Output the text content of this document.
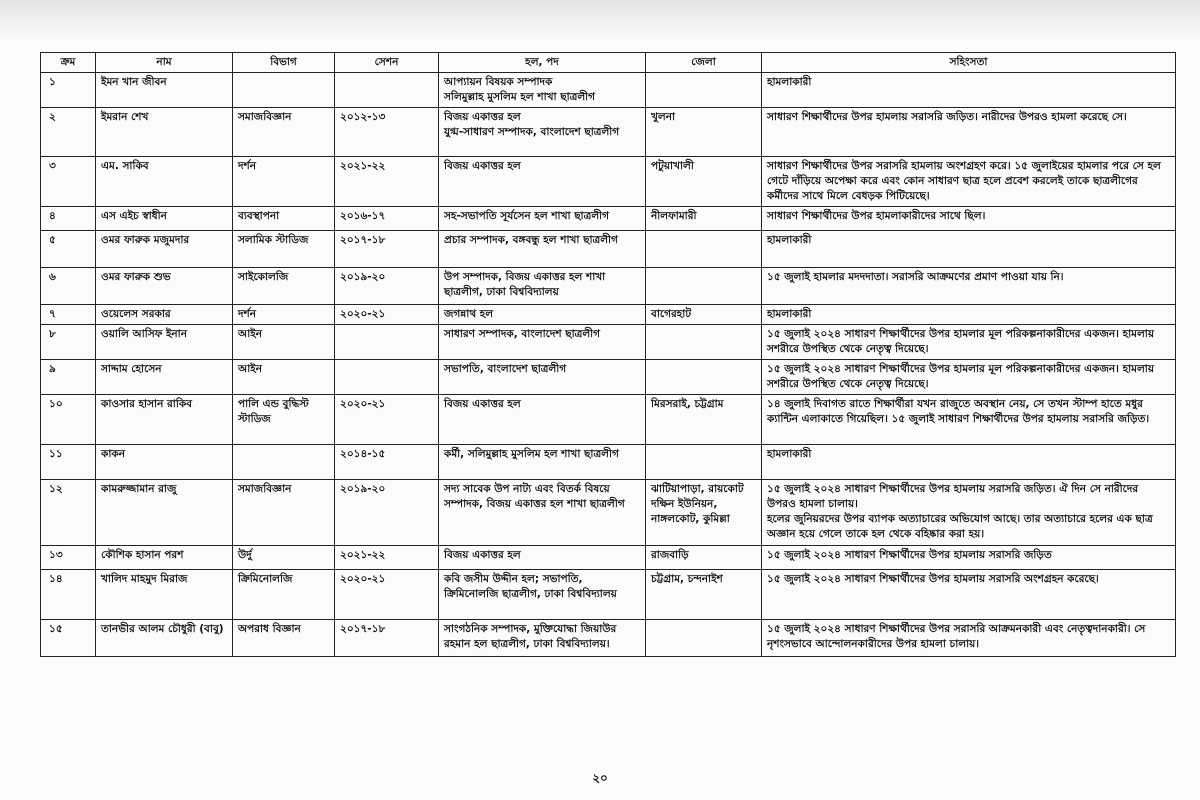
ক্রম	নাম	বিভাগ	সেশন	হল, পদ	জেলা	সহিংসতা
১	ইমন খান জীবন			আপ্যায়ন বিষয়ক সম্পাদক
সলিমুল্লাহ মুসলিম হল শাখা ছাত্রলীগ		হামলাকারী
২	ইমরান শেখ	সমাজবিজ্ঞান	২০১২-১৩	বিজয় একাত্তর হল
যুগ্ম-সাধারণ সম্পাদক, বাংলাদেশ ছাত্রলীগ	খুলনা	সাধারণ শিক্ষার্থীদের উপর হামলায় সরাসরি জড়িত। নারীদের উপরও হামলা করেছে সে।
৩	এম. সাকিব	দর্শন	২০২১-২২	বিজয় একাত্তর হল	পটুয়াখালী	সাধারণ শিক্ষার্থীদের উপর সরাসরি হামলায় অংশগ্রহণ করে। ১৫ জুলাইয়ের হামলার পরে সে হল গেটে দাঁড়িয়ে অপেক্ষা করে এবং কোন সাধারণ ছাত্র হলে প্রবেশ করলেই তাকে ছাত্রলীগের কর্মীদের সাথে মিলে বেধড়ক পিটিয়েছে।
৪	এস এইচ স্বাধীন	ব্যবস্থাপনা	২০১৬-১৭	সহ-সভাপতি সূর্যসেন হল শাখা ছাত্রলীগ	নীলফামারী	সাধারণ শিক্ষার্থীদের উপর হামলাকারীদের সাথে ছিল।
৫	ওমর ফারুক মজুমদার	সলামিক স্টাডিজ	২০১৭-১৮	প্রচার সম্পাদক, বঙ্গবন্ধু হল শাখা ছাত্রলীগ		হামলাকারী
৬	ওমর ফারুক শুভ	সাইকোলজি	২০১৯-২০	উপ সম্পাদক, বিজয় একাত্তর হল শাখা ছাত্রলীগ, ঢাকা বিশ্ববিদ্যালয়		১৫ জুলাই হামলার মদদদাতা। সরাসরি আক্রমণের প্রমাণ পাওয়া যায় নি।
৭	ওয়েলেস সরকার	দর্শন	২০২০-২১	জগন্নাথ হল	বাগেরহাট	হামলাকারী
৮	ওয়ালি আসিফ ইনান	আইন		সাধারণ সম্পাদক, বাংলাদেশ ছাত্রলীগ		১৫ জুলাই ২০২৪ সাধারণ শিক্ষার্থীদের উপর হামলার মূল পরিকল্পনাকারীদের একজন। হামলায় সশরীরে উপস্থিত থেকে নেতৃত্ব দিয়েছে।
৯	সাদ্দাম হোসেন	আইন		সভাপতি, বাংলাদেশ ছাত্রলীগ		১৫ জুলাই ২০২৪ সাধারণ শিক্ষার্থীদের উপর হামলার মূল পরিকল্পনাকারীদের একজন। হামলায় সশরীরে উপস্থিত থেকে নেতৃত্ব দিয়েছে।
১০	কাওসার হাসান রাকিব	পালি এন্ড বুদ্ধিস্ট স্টাডিজ	২০২০-২১	বিজয় একাত্তর হল	মিরসরাই, চট্টগ্রাম	১৪ জুলাই দিবাগত রাতে শিক্ষার্থীরা যখন রাজুতে অবস্থান নেয়, সে তখন স্টাম্প হাতে মধুর ক্যান্টিন এলাকাতে গিয়েছিল। ১৫ জুলাই সাধারণ শিক্ষার্থীদের উপর হামলায় সরাসরি জড়িত।
১১	কাকন		২০১৪-১৫	কর্মী, সলিমুল্লাহ মুসলিম হল শাখা ছাত্রলীগ		হামলাকারী
১২	কামরুজ্জামান রাজু	সমাজবিজ্ঞান	২০১৯-২০	সদ্য সাবেক উপ নাট্য এবং বিতর্ক বিষয়ে সম্পাদক, বিজয় একাত্তর হল শাখা ছাত্রলীগ	ঝাটিয়াপাড়া, রায়কোট দক্ষিন ইউনিয়ন, নাঙ্গলকোট, কুমিল্লা	১৫ জুলাই ২০২৪ সাধারণ শিক্ষার্থীদের উপর হামলায় সরাসরি জড়িত। ঐ দিন সে নারীদের উপরও হামলা চালায়।
হলের জুনিয়রদের উপর ব্যাপক অত্যাচারের অভিযোগ আছে। তার অত্যাচারে হলের এক ছাত্র অজ্ঞান হয়ে গেলে তাকে হল থেকে বহিষ্কার করা হয়।
১৩	কৌশিক হাসান পরশ	উর্দু	২০২১-২২	বিজয় একাত্তর হল	রাজবাড়ি	১৫ জুলাই ২০২৪ সাধারণ শিক্ষার্থীদের উপর হামলায় সরাসরি জড়িত
১৪	খালিদ মাহমুদ মিরাজ	ক্রিমিনোলজি	২০২০-২১	কবি জসীম উদ্দীন হল; সভাপতি, ক্রিমিনোলজি ছাত্রলীগ, ঢাকা বিশ্ববিদ্যালয়	চট্টগ্রাম, চন্দনাইশ	১৫ জুলাই ২০২৪ সাধারণ শিক্ষার্থীদের উপর হামলায় সরাসরি অংশগ্রহন করেছে।
১৫	তানভীর আলম চৌধুরী (বাবু)	অপরাধ বিজ্ঞান	২০১৭-১৮	সাংগঠনিক সম্পাদক, মুক্তিযোদ্ধা জিয়াউর রহমান হল ছাত্রলীগ, ঢাকা বিশ্ববিদ্যালয়।		১৫ জুলাই ২০২৪ সাধারণ শিক্ষার্থীদের উপর সরাসরি আক্রমনকারী এবং নেতৃত্বদানকারী। সে নৃশংসভাবে আন্দোলনকারীদের উপর হামলা চালায়।
২০
